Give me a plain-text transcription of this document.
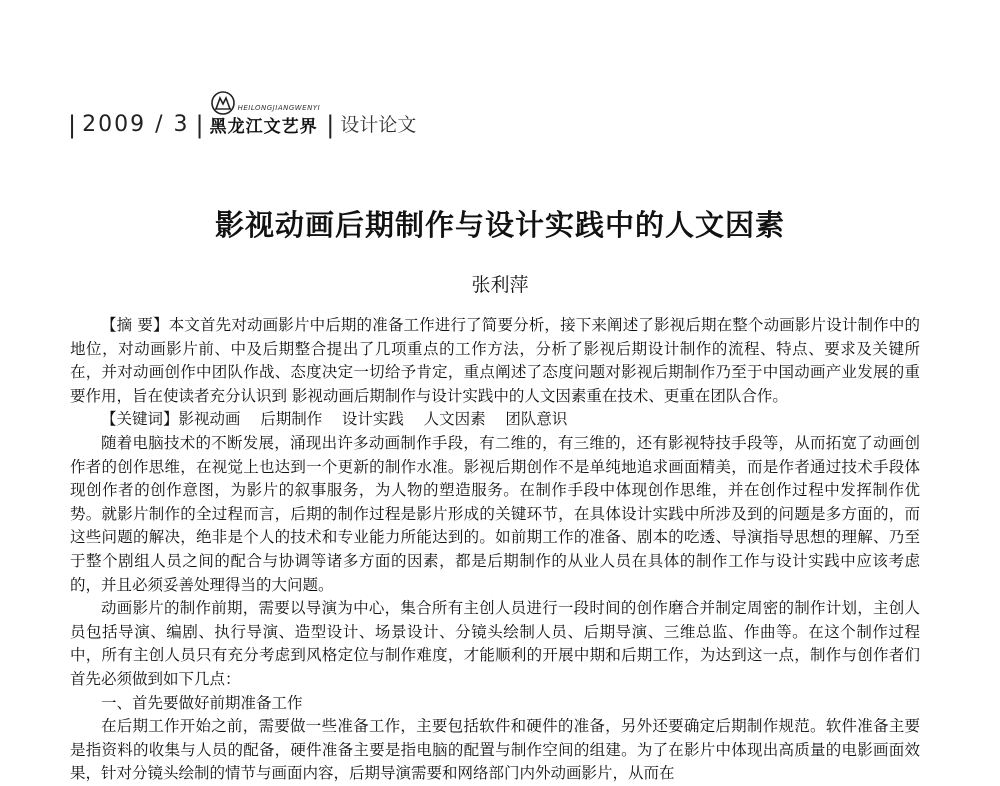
| 2009 / 3 |
HEILONGJIANGWENYI
黑龙江文艺界 | 设计论文
影视动画后期制作与设计实践中的人文因素
张利萍

【摘 要】本文首先对动画影片中后期的准备工作进行了简要分析，接下来阐述了影视后期在整个动画影片设计制作中的地位，对动画影片前、中及后期整合提出了几项重点的工作方法，分析了影视后期设计制作的流程、特点、要求及关键所在，并对动画创作中团队作战、态度决定一切给予肯定，重点阐述了态度问题对影视后期制作乃至于中国动画产业发展的重要作用，旨在使读者充分认识到 影视动画后期制作与设计实践中的人文因素重在技术、更重在团队合作。

【关键词】影视动画    后期制作    设计实践    人文因素    团队意识

随着电脑技术的不断发展，涌现出许多动画制作手段，有二维的，有三维的，还有影视特技手段等，从而拓宽了动画创作者的创作思维，在视觉上也达到一个更新的制作水准。影视后期创作不是单纯地追求画面精美，而是作者通过技术手段体现创作者的创作意图，为影片的叙事服务，为人物的塑造服务。在制作手段中体现创作思维，并在创作过程中发挥制作优势。就影片制作的全过程而言，后期的制作过程是影片形成的关键环节，在具体设计实践中所涉及到的问题是多方面的，而这些问题的解决，绝非是个人的技术和专业能力所能达到的。如前期工作的准备、剧本的吃透、导演指导思想的理解、乃至于整个剧组人员之间的配合与协调等诸多方面的因素，都是后期制作的从业人员在具体的制作工作与设计实践中应该考虑的，并且必须妥善处理得当的大问题。

动画影片的制作前期，需要以导演为中心，集合所有主创人员进行一段时间的创作磨合并制定周密的制作计划，主创人员包括导演、编剧、执行导演、造型设计、场景设计、分镜头绘制人员、后期导演、三维总监、作曲等。在这个制作过程中，所有主创人员只有充分考虑到风格定位与制作难度，才能顺利的开展中期和后期工作，为达到这一点，制作与创作者们首先必须做到如下几点：

一、首先要做好前期准备工作

在后期工作开始之前，需要做一些准备工作，主要包括软件和硬件的准备，另外还要确定后期制作规范。软件准备主要是指资料的收集与人员的配备，硬件准备主要是指电脑的配置与制作空间的组建。为了在影片中体现出高质量的电影画面效果，针对分镜头绘制的情节与画面内容，后期导演需要和网络部门内外动画影片，从而在
